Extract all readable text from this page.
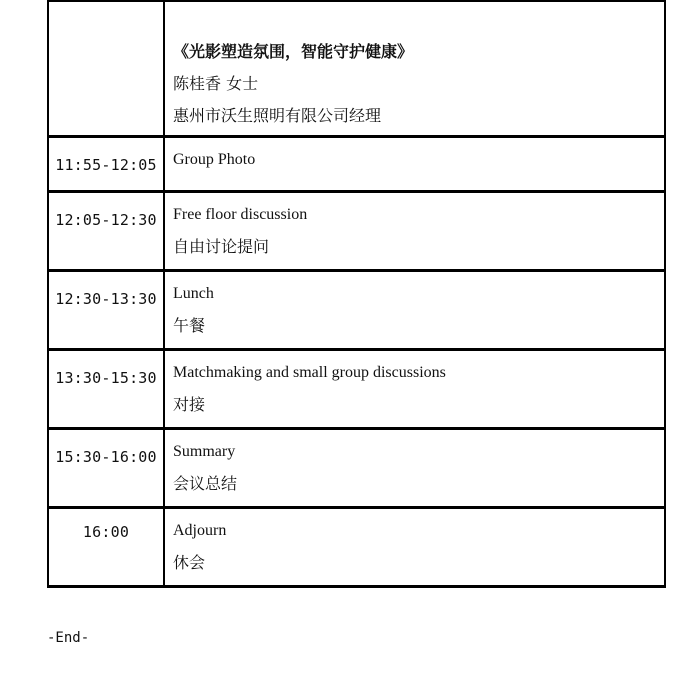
《光影塑造氛围，智能守护健康》
陈桂香 女士
惠州市沃生照明有限公司经理
11:55-12:05	Group Photo
12:05-12:30	Free floor discussion
自由讨论提问
12:30-13:30	Lunch
午餐
13:30-15:30	Matchmaking and small group discussions
对接
15:30-16:00	Summary
会议总结
16:00	Adjourn
休会
-End-
